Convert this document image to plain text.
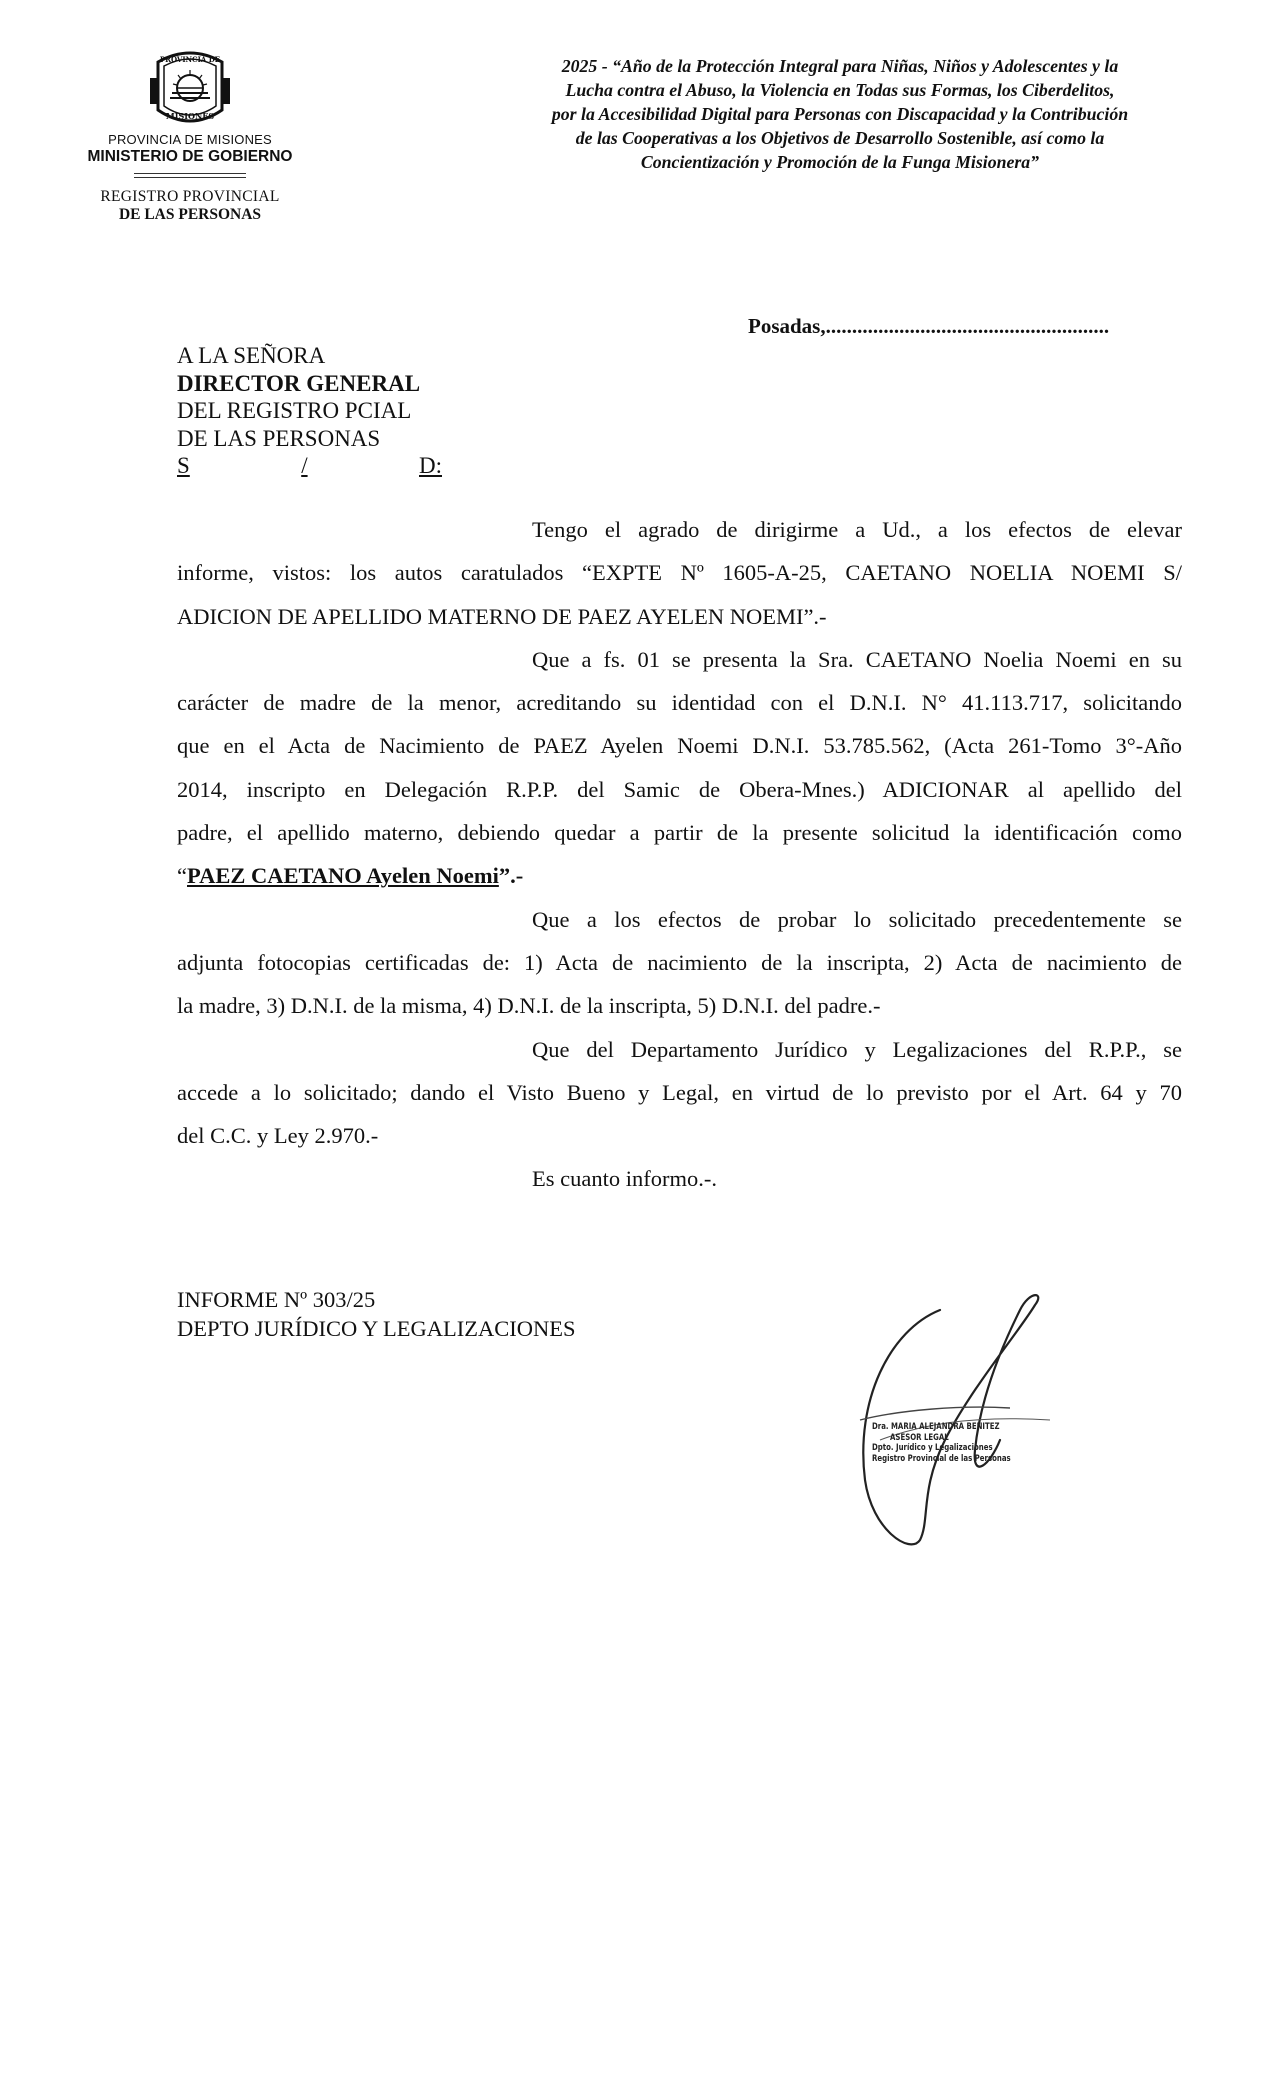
PROVINCIA DE
MISIONES
PROVINCIA DE MISIONES
MINISTERIO DE GOBIERNO
REGISTRO PROVINCIAL
DE LAS PERSONAS
2025 - “Año de la Protección Integral para Niñas, Niños y Adolescentes y la
Lucha contra el Abuso, la Violencia en Todas sus Formas, los Ciberdelitos,
por la Accesibilidad Digital para Personas con Discapacidad y la Contribución
de las Cooperativas a los Objetivos de Desarrollo Sostenible, así como la
Concientización y Promoción de la Funga Misionera”
Posadas,......................................................
A LA SEÑORA
DIRECTOR GENERAL
DEL REGISTRO PCIAL
DE LAS PERSONAS
S	/	D:
Tengo el agrado de dirigirme a Ud., a los efectos de elevar
informe, vistos: los autos caratulados “EXPTE Nº 1605-A-25, CAETANO NOELIA NOEMI S/
ADICION DE APELLIDO MATERNO DE PAEZ AYELEN NOEMI”.-
Que a fs. 01 se presenta la Sra. CAETANO Noelia Noemi en su
carácter de madre de la menor, acreditando su identidad con el D.N.I. N° 41.113.717, solicitando
que en el Acta de Nacimiento de PAEZ Ayelen Noemi D.N.I. 53.785.562, (Acta 261-Tomo 3°-Año
2014, inscripto en Delegación R.P.P. del Samic de Obera-Mnes.) ADICIONAR al apellido del
padre, el apellido materno, debiendo quedar a partir de la presente solicitud la identificación como
“PAEZ CAETANO Ayelen Noemi”.-
Que a los efectos de probar lo solicitado precedentemente se
adjunta fotocopias certificadas de: 1) Acta de nacimiento de la inscripta, 2) Acta de nacimiento de
la madre, 3) D.N.I. de la misma, 4) D.N.I. de la inscripta, 5) D.N.I. del padre.-
Que del Departamento Jurídico y Legalizaciones del R.P.P., se
accede a lo solicitado; dando el Visto Bueno y Legal, en virtud de lo previsto por el Art. 64 y 70
del C.C. y Ley 2.970.-
Es cuanto informo.-.
INFORME Nº 303/25
DEPTO JURÍDICO Y LEGALIZACIONES
Dra. MARIA ALEJANDRA BENITEZ
ASESOR LEGAL
Dpto. Jurídico y Legalizaciones
Registro Provincial de las Personas
